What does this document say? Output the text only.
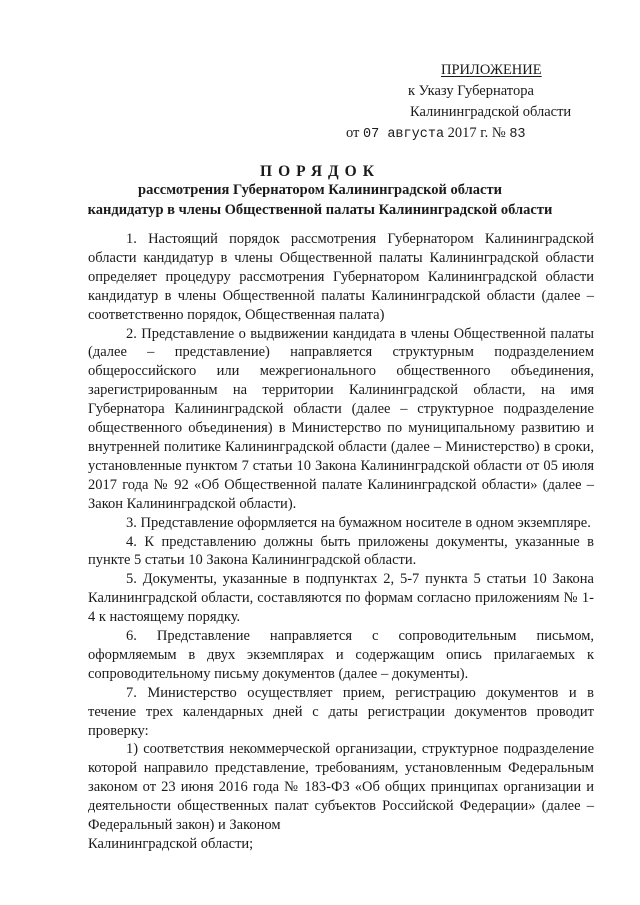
ПРИЛОЖЕНИЕ
к Указу Губернатора
Калининградской области
от 07 августа 2017 г. № 83
ПОРЯДОК
рассмотрения Губернатором Калининградской области
кандидатур в члены Общественной палаты Калининградской области

1. Настоящий порядок рассмотрения Губернатором Калининградской области кандидатур в члены Общественной палаты Калининградской области определяет процедуру рассмотрения Губернатором Калининградской области кандидатур в члены Общественной палаты Калининградской области (далее – соответственно порядок, Общественная палата)

2. Представление о выдвижении кандидата в члены Общественной палаты (далее – представление) направляется структурным подразделением общероссийского или межрегионального общественного объединения, зарегистрированным на территории Калининградской области, на имя Губернатора Калининградской области (далее – структурное подразделение общественного объединения) в Министерство по муниципальному развитию и внутренней политике Калининградской области (далее – Министерство) в сроки, установленные пунктом 7 статьи 10 Закона Калининградской области от 05 июля 2017 года № 92 «Об Общественной палате Калининградской области» (далее – Закон Калининградской области).

3. Представление оформляется на бумажном носителе в одном экземпляре.

4. К представлению должны быть приложены документы, указанные в пункте 5 статьи 10 Закона Калининградской области.

5. Документы, указанные в подпунктах 2, 5-7 пункта 5 статьи 10 Закона Калининградской области, составляются по формам согласно приложениям № 1-4 к настоящему порядку.

6. Представление направляется с сопроводительным письмом, оформляемым в двух экземплярах и содержащим опись прилагаемых к сопроводительному письму документов (далее – документы).

7. Министерство осуществляет прием, регистрацию документов и в течение трех календарных дней с даты регистрации документов проводит проверку:

1) соответствия некоммерческой организации, структурное подразделение которой направило представление, требованиям, установленным Федеральным законом от 23 июня 2016 года № 183-ФЗ «Об общих принципах организации и деятельности общественных палат субъектов Российской Федерации» (далее – Федеральный закон) и Законом

Калининградской области;
